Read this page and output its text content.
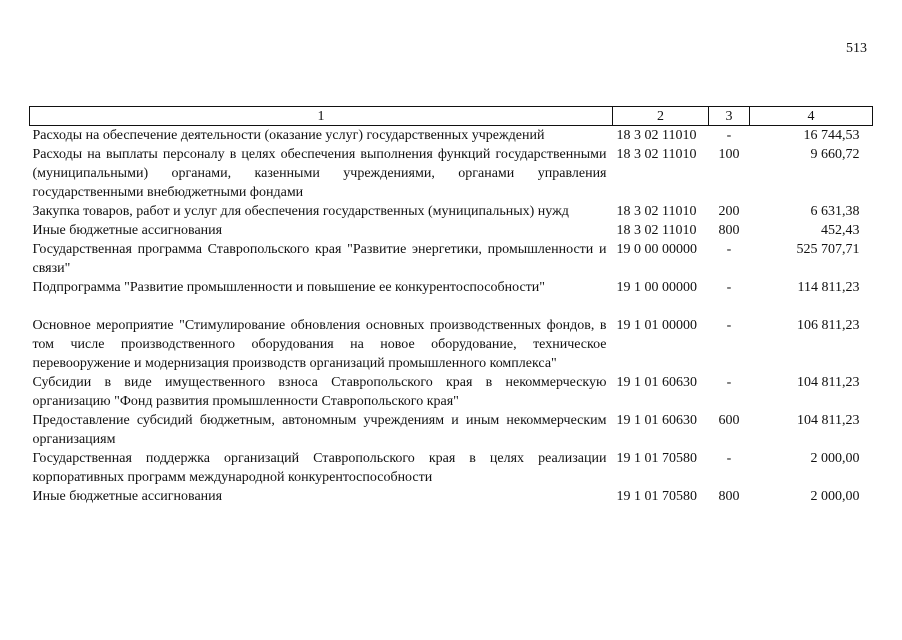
513
1	2	3	4
Расходы на обеспечение деятельности (оказание услуг) государственных учреждений	18 3 02 11010	-	16 744,53
Расходы на выплаты персоналу в целях обеспечения выполнения функций государственными (муниципальными) органами, казенными учреждениями, органами управления государственными внебюджетными фондами	18 3 02 11010	100	9 660,72
Закупка товаров, работ и услуг для обеспечения государственных (муниципальных) нужд	18 3 02 11010	200	6 631,38
Иные бюджетные ассигнования	18 3 02 11010	800	452,43
Государственная программа Ставропольского края "Развитие энергетики, промышленности и связи"	19 0 00 00000	-	525 707,71
Подпрограмма "Развитие промышленности и повышение ее конкурентоспособности"	19 1 00 00000	-	114 811,23
Основное мероприятие "Стимулирование обновления основных производственных фондов, в том числе производственного оборудования на новое оборудование, техническое перевооружение и модернизация производств организаций промышленного комплекса"	19 1 01 00000	-	106 811,23
Субсидии в виде имущественного взноса Ставропольского края в некоммерческую организацию "Фонд развития промышленности Ставропольского края"	19 1 01 60630	-	104 811,23
Предоставление субсидий бюджетным, автономным учреждениям и иным некоммерческим организациям	19 1 01 60630	600	104 811,23
Государственная поддержка организаций Ставропольского края в целях реализации корпоративных программ международной конкурентоспособности	19 1 01 70580	-	2 000,00
Иные бюджетные ассигнования	19 1 01 70580	800	2 000,00
